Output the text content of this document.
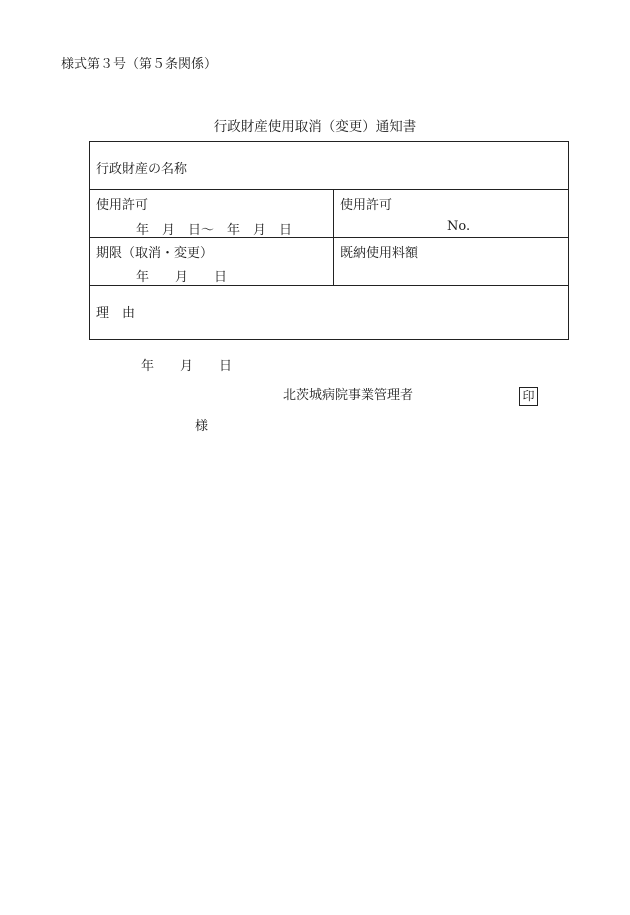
様式第３号（第５条関係）
行政財産使用取消（変更）通知書
行政財産の名称
使用許可
年　月　日～　年　月　日
使用許可
No.
期限（取消・変更）
年　　月　　日
既納使用料額
理　由
年　　月　　日
北茨城病院事業管理者	印
様
